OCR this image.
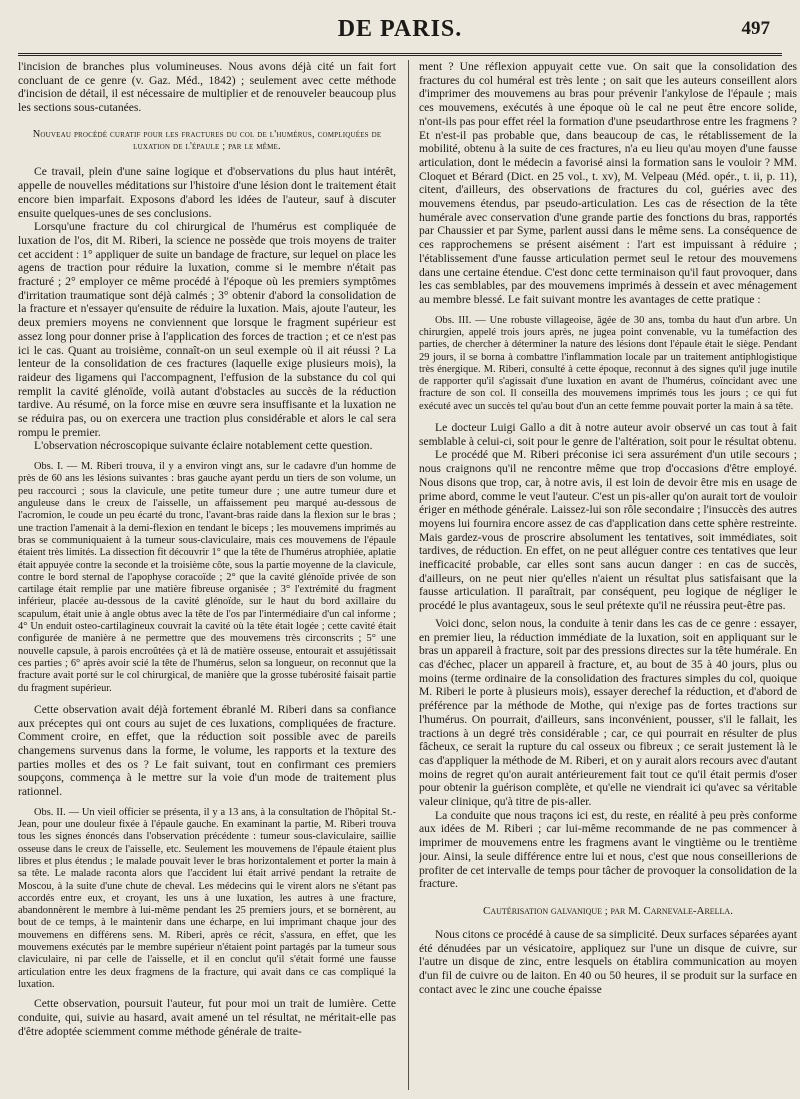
DE PARIS.	497

l'incision de branches plus volumineuses. Nous avons déjà cité un fait fort concluant de ce genre (v. Gaz. Méd., 1842) ; seulement avec cette méthode d'incision de détail, il est nécessaire de multiplier et de renouveler beaucoup plus les sections sous-cutanées.

Nouveau procédé curatif pour les fractures du col de l'humérus, compliquées de luxation de l'épaule ; par le même.

Ce travail, plein d'une saine logique et d'observations du plus haut intérêt, appelle de nouvelles méditations sur l'histoire d'une lésion dont le traitement était encore bien imparfait. Exposons d'abord les idées de l'auteur, sauf à discuter ensuite quelques-unes de ses conclusions.

Lorsqu'une fracture du col chirurgical de l'humérus est compliquée de luxation de l'os, dit M. Riberi, la science ne possède que trois moyens de traiter cet accident : 1° appliquer de suite un bandage de fracture, sur lequel on place les agens de traction pour réduire la luxation, comme si le membre n'était pas fracturé ; 2° employer ce même procédé à l'époque où les premiers symptômes d'irritation traumatique sont déjà calmés ; 3° obtenir d'abord la consolidation de la fracture et n'essayer qu'ensuite de réduire la luxation. Mais, ajoute l'auteur, les deux premiers moyens ne conviennent que lorsque le fragment supérieur est assez long pour donner prise à l'application des forces de traction ; et ce n'est pas ici le cas. Quant au troisième, connaît-on un seul exemple où il ait réussi ? La lenteur de la consolidation de ces fractures (laquelle exige plusieurs mois), la raideur des ligamens qui l'accompagnent, l'effusion de la substance du col qui remplit la cavité glénoïde, voilà autant d'obstacles au succès de la réduction tardive. Au résumé, on la force mise en œuvre sera insuffisante et la luxation ne se réduira pas, ou on exercera une traction plus considérable et alors le cal sera rompu le premier.

L'observation nécroscopique suivante éclaire notablement cette question.

Obs. I. — M. Riberi trouva, il y a environ vingt ans, sur le cadavre d'un homme de près de 60 ans les lésions suivantes : bras gauche ayant perdu un tiers de son volume, un peu raccourci ; sous la clavicule, une petite tumeur dure ; une autre tumeur dure et anguleuse dans le creux de l'aisselle, un affaissement peu marqué au-dessous de l'acromion, le coude un peu écarté du tronc, l'avant-bras raide dans la flexion sur le bras ; une traction l'amenait à la demi-flexion en tendant le biceps ; les mouvemens imprimés au bras se communiquaient à la tumeur sous-claviculaire, mais ces mouvemens de l'épaule étaient très limités. La dissection fit découvrir 1° que la tête de l'humérus atrophiée, aplatie était appuyée contre la seconde et la troisième côte, sous la partie moyenne de la clavicule, contre le bord sternal de l'apophyse coracoïde ; 2° que la cavité glénoïde privée de son cartilage était remplie par une matière fibreuse organisée ; 3° l'extrémité du fragment inférieur, placée au-dessous de la cavité glénoïde, sur le haut du bord axillaire du scapulum, était unie à angle obtus avec la tête de l'os par l'intermédiaire d'un cal informe ; 4° Un enduit osteo-cartilagineux couvrait la cavité où la tête était logée ; cette cavité était configurée de manière à ne permettre que des mouvemens très circonscrits ; 5° une nouvelle capsule, à parois encroûtées çà et là de matière osseuse, entourait et assujétissait ces parties ; 6° après avoir scié la tête de l'humérus, selon sa longueur, on reconnut que la fracture avait porté sur le col chirurgical, de manière que la grosse tubérosité faisait partie du fragment supérieur.

Cette observation avait déjà fortement ébranlé M. Riberi dans sa confiance aux préceptes qui ont cours au sujet de ces luxations, compliquées de fracture. Comment croire, en effet, que la réduction soit possible avec de pareils changemens survenus dans la forme, le volume, les rapports et la texture des parties molles et des os ? Le fait suivant, tout en confirmant ces premiers soupçons, commença à le mettre sur la voie d'un mode de traitement plus rationnel.

Obs. II. — Un vieil officier se présenta, il y a 13 ans, à la consultation de l'hôpital St.-Jean, pour une douleur fixée à l'épaule gauche. En examinant la partie, M. Riberi trouva tous les signes énoncés dans l'observation précédente : tumeur sous-claviculaire, saillie osseuse dans le creux de l'aisselle, etc. Seulement les mouvemens de l'épaule étaient plus libres et plus étendus ; le malade pouvait lever le bras horizontalement et porter la main à sa tête. Le malade raconta alors que l'accident lui était arrivé pendant la retraite de Moscou, à la suite d'une chute de cheval. Les médecins qui le virent alors ne s'étant pas accordés entre eux, et croyant, les uns à une luxation, les autres à une fracture, abandonnèrent le membre à lui-même pendant les 25 premiers jours, et se bornèrent, au bout de ce temps, à le maintenir dans une écharpe, en lui imprimant chaque jour des mouvemens en différens sens. M. Riberi, après ce récit, s'assura, en effet, que les mouvemens exécutés par le membre supérieur n'étaient point partagés par la tumeur sous claviculaire, ni par celle de l'aisselle, et il en conclut qu'il s'était formé une fausse articulation entre les deux fragmens de la fracture, qui avait dans ce cas compliqué la luxation.

Cette observation, poursuit l'auteur, fut pour moi un trait de lumière. Cette conduite, qui, suivie au hasard, avait amené un tel résultat, ne méritait-elle pas d'être adoptée sciemment comme méthode générale de traite-

ment ? Une réflexion appuyait cette vue. On sait que la consolidation des fractures du col huméral est très lente ; on sait que les auteurs conseillent alors d'imprimer des mouvemens au bras pour prévenir l'ankylose de l'épaule ; mais ces mouvemens, exécutés à une époque où le cal ne peut être encore solide, n'ont-ils pas pour effet réel la formation d'une pseudarthrose entre les fragmens ? Et n'est-il pas probable que, dans beaucoup de cas, le rétablissement de la mobilité, obtenu à la suite de ces fractures, n'a eu lieu qu'au moyen d'une fausse articulation, dont le médecin a favorisé ainsi la formation sans le vouloir ? MM. Cloquet et Bérard (Dict. en 25 vol., t. xv), M. Velpeau (Méd. opér., t. ii, p. 11), citent, d'ailleurs, des observations de fractures du col, guéries avec des mouvemens étendus, par pseudo-articulation. Les cas de résection de la tête humérale avec conservation d'une grande partie des fonctions du bras, rapportés par Chaussier et par Syme, parlent aussi dans le même sens. La conséquence de ces rapprochemens se présent aisément : l'art est impuissant à réduire ; l'établissement d'une fausse articulation permet seul le retour des mouvemens dans une certaine étendue. C'est donc cette terminaison qu'il faut provoquer, dans les cas semblables, par des mouvemens imprimés à dessein et avec ménagement au membre blessé. Le fait suivant montre les avantages de cette pratique :

Obs. III. — Une robuste villageoise, âgée de 30 ans, tomba du haut d'un arbre. Un chirurgien, appelé trois jours après, ne jugea point convenable, vu la tuméfaction des parties, de chercher à déterminer la nature des lésions dont l'épaule était le siège. Pendant 29 jours, il se borna à combattre l'inflammation locale par un traitement antiphlogistique très énergique. M. Riberi, consulté à cette époque, reconnut à des signes qu'il juge inutile de rapporter qu'il s'agissait d'une luxation en avant de l'humérus, coïncidant avec une fracture de son col. Il conseilla des mouvemens imprimés tous les jours ; ce qui fut exécuté avec un succès tel qu'au bout d'un an cette femme pouvait porter la main à sa tête.

Le docteur Luigi Gallo a dit à notre auteur avoir observé un cas tout à fait semblable à celui-ci, soit pour le genre de l'altération, soit pour le résultat obtenu.

Le procédé que M. Riberi préconise ici sera assurément d'un utile secours ; nous craignons qu'il ne rencontre même que trop d'occasions d'être employé. Nous disons que trop, car, à notre avis, il est loin de devoir être mis en usage de prime abord, comme le veut l'auteur. C'est un pis-aller qu'on aurait tort de vouloir ériger en méthode générale. Laissez-lui son rôle secondaire ; l'insuccès des autres moyens lui fournira encore assez de cas d'application dans cette sphère restreinte. Mais gardez-vous de proscrire absolument les tentatives, soit immédiates, soit tardives, de réduction. En effet, on ne peut alléguer contre ces tentatives que leur inefficacité probable, car elles sont sans aucun danger : en cas de succès, d'ailleurs, on ne peut nier qu'elles n'aient un résultat plus satisfaisant que la fausse articulation. Il paraîtrait, par conséquent, peu logique de négliger le procédé le plus avantageux, sous le seul prétexte qu'il ne réussira peut-être pas.

Voici donc, selon nous, la conduite à tenir dans les cas de ce genre : essayer, en premier lieu, la réduction immédiate de la luxation, soit en appliquant sur le bras un appareil à fracture, soit par des pressions directes sur la tête humérale. En cas d'échec, placer un appareil à fracture, et, au bout de 35 à 40 jours, plus ou moins (terme ordinaire de la consolidation des fractures simples du col, quoique M. Riberi le porte à plusieurs mois), essayer derechef la réduction, et d'abord de préférence par la méthode de Mothe, qui n'exige pas de fortes tractions sur l'humérus. On pourrait, d'ailleurs, sans inconvénient, pousser, s'il le fallait, les tractions à un degré très considérable ; car, ce qui pourrait en résulter de plus fâcheux, ce serait la rupture du cal osseux ou fibreux ; ce serait justement là le cas d'appliquer la méthode de M. Riberi, et on y aurait alors recours avec d'autant moins de regret qu'on aurait antérieurement fait tout ce qu'il était permis d'oser pour obtenir la guérison complète, et qu'elle ne viendrait ici qu'avec sa véritable valeur clinique, qu'à titre de pis-aller.

La conduite que nous traçons ici est, du reste, en réalité à peu près conforme aux idées de M. Riberi ; car lui-même recommande de ne pas commencer à imprimer de mouvemens entre les fragmens avant le vingtième ou le trentième jour. Ainsi, la seule différence entre lui et nous, c'est que nous conseillerions de profiter de cet intervalle de temps pour tâcher de provoquer la consolidation de la fracture.

Cautérisation galvanique ; par M. Carnevale-Arella.

Nous citons ce procédé à cause de sa simplicité. Deux surfaces séparées ayant été dénudées par un vésicatoire, appliquez sur l'une un disque de cuivre, sur l'autre un disque de zinc, entre lesquels on établira communication au moyen d'un fil de cuivre ou de laiton. En 40 ou 50 heures, il se produit sur la surface en contact avec le zinc une couche épaisse
